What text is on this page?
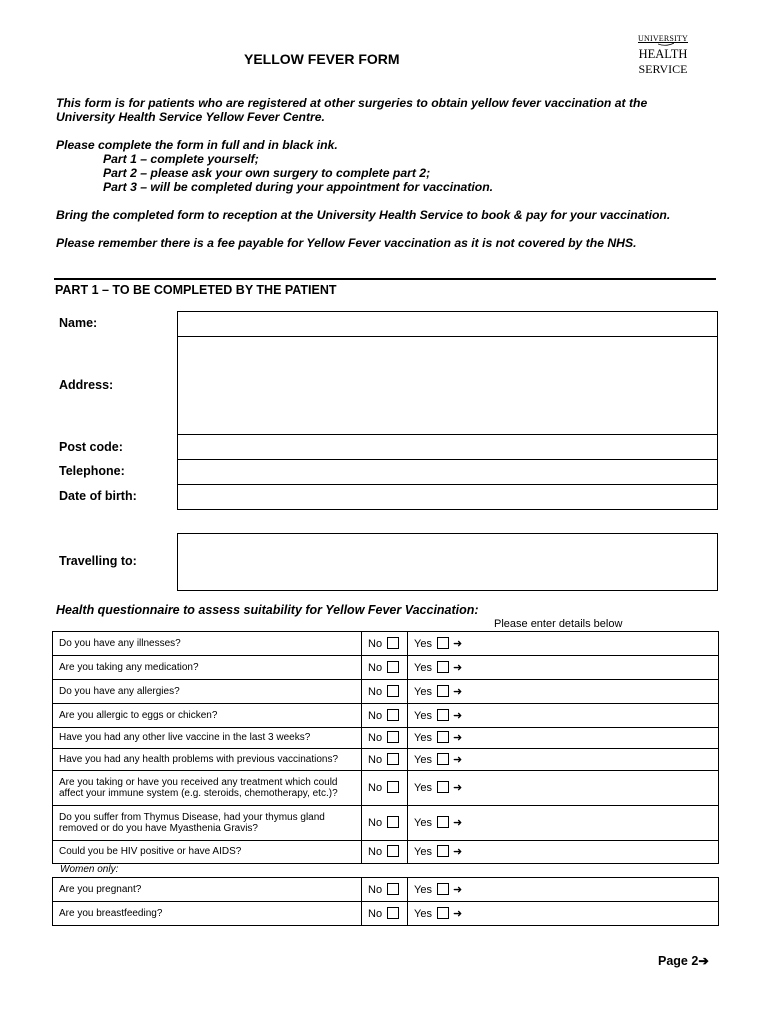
YELLOW FEVER FORM
UNIVERSITY
HEALTH
SERVICE
This form is for patients who are registered at other surgeries to obtain yellow fever vaccination at the
University Health Service Yellow Fever Centre.
Please complete the form in full and in black ink.
Part 1 – complete yourself;
Part 2 – please ask your own surgery to complete part 2;
Part 3 – will be completed during your appointment for vaccination.
Bring the completed form to reception at the University Health Service to book & pay for your vaccination.
Please remember there is a fee payable for Yellow Fever vaccination as it is not covered by the NHS.
PART 1 – TO BE COMPLETED BY THE PATIENT
Name:
Address:
Post code:
Telephone:
Date of birth:
Travelling to:
Health questionnaire to assess suitability for Yellow Fever Vaccination:
Please enter details below
Do you have any illnesses?	No	Yes ➜
Are you taking any medication?	No	Yes ➜
Do you have any allergies?	No	Yes ➜
Are you allergic to eggs or chicken?	No	Yes ➜
Have you had any other live vaccine in the last 3 weeks?	No	Yes ➜
Have you had any health problems with previous vaccinations?	No	Yes ➜
Are you taking or have you received any treatment which could affect your immune system (e.g. steroids, chemotherapy, etc.)?	No	Yes ➜
Do you suffer from Thymus Disease, had your thymus gland removed or do you have Myasthenia Gravis?	No	Yes ➜
Could you be HIV positive or have AIDS?	No	Yes ➜
Women only:
Are you pregnant?	No	Yes ➜
Are you breastfeeding?	No	Yes ➜
Page 2➔
